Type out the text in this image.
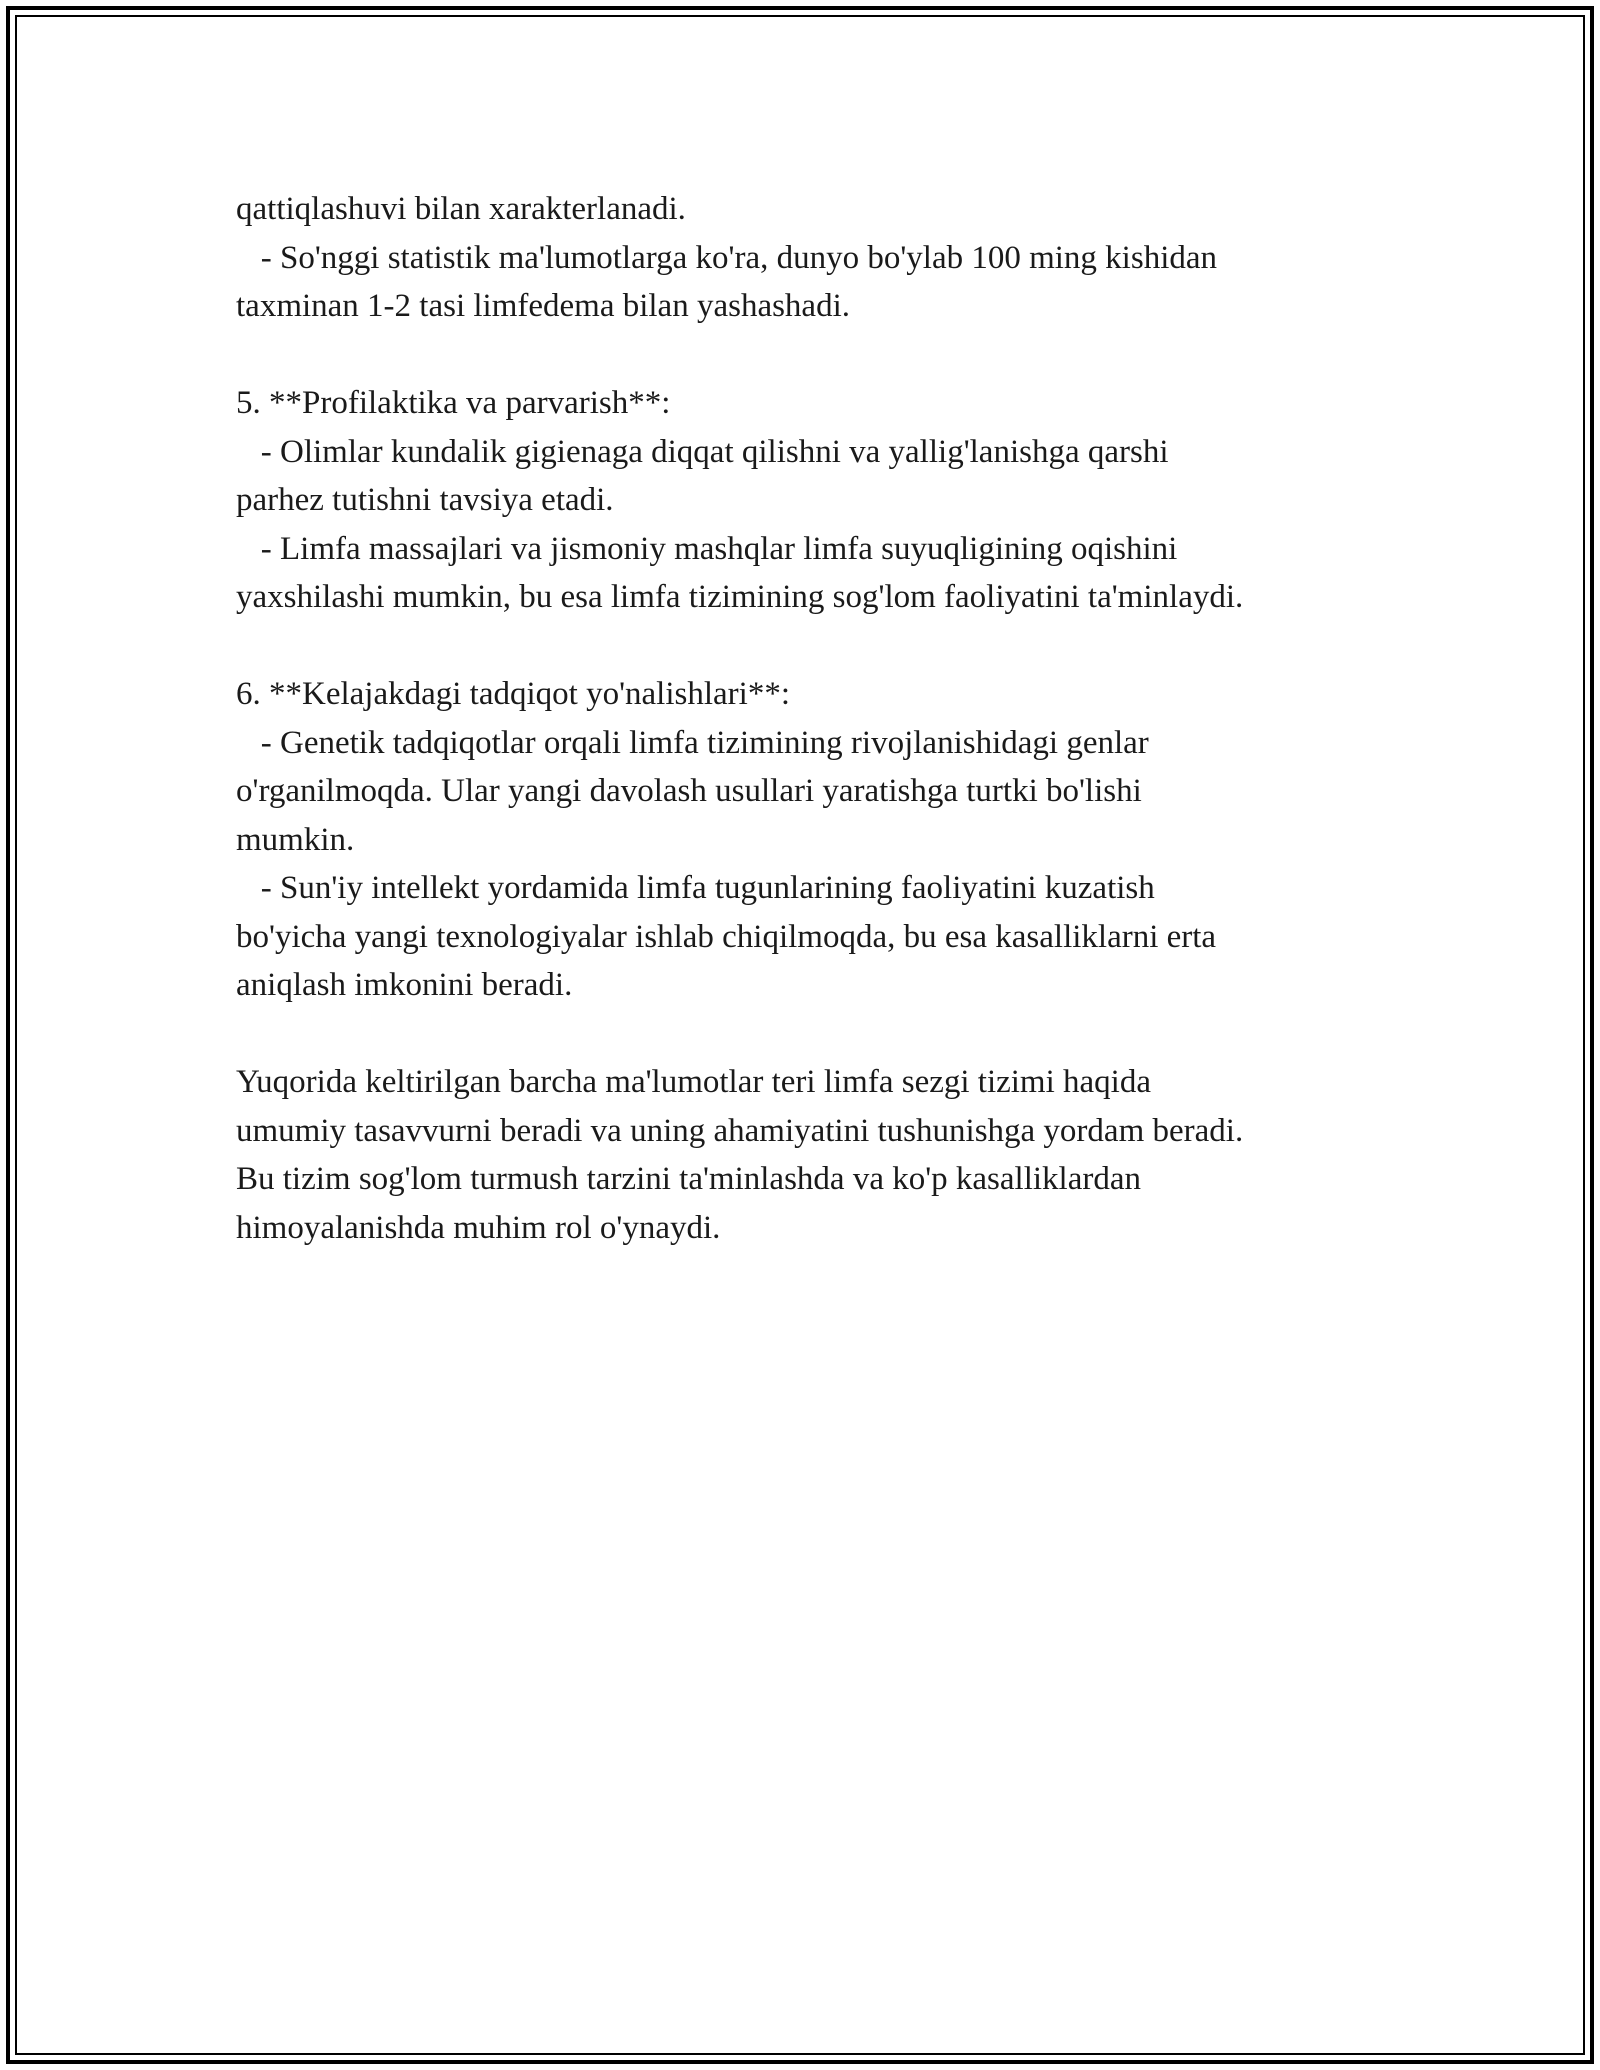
qattiqlashuvi bilan xarakterlanadi.
- So'nggi statistik ma'lumotlarga ko'ra, dunyo bo'ylab 100 ming kishidan
taxminan 1-2 tasi limfedema bilan yashashadi.
5. **Profilaktika va parvarish**:
- Olimlar kundalik gigienaga diqqat qilishni va yallig'lanishga qarshi
parhez tutishni tavsiya etadi.
- Limfa massajlari va jismoniy mashqlar limfa suyuqligining oqishini
yaxshilashi mumkin, bu esa limfa tizimining sog'lom faoliyatini ta'minlaydi.
6. **Kelajakdagi tadqiqot yo'nalishlari**:
- Genetik tadqiqotlar orqali limfa tizimining rivojlanishidagi genlar
o'rganilmoqda. Ular yangi davolash usullari yaratishga turtki bo'lishi
mumkin.
- Sun'iy intellekt yordamida limfa tugunlarining faoliyatini kuzatish
bo'yicha yangi texnologiyalar ishlab chiqilmoqda, bu esa kasalliklarni erta
aniqlash imkonini beradi.
Yuqorida keltirilgan barcha ma'lumotlar teri limfa sezgi tizimi haqida
umumiy tasavvurni beradi va uning ahamiyatini tushunishga yordam beradi.
Bu tizim sog'lom turmush tarzini ta'minlashda va ko'p kasalliklardan
himoyalanishda muhim rol o'ynaydi.
